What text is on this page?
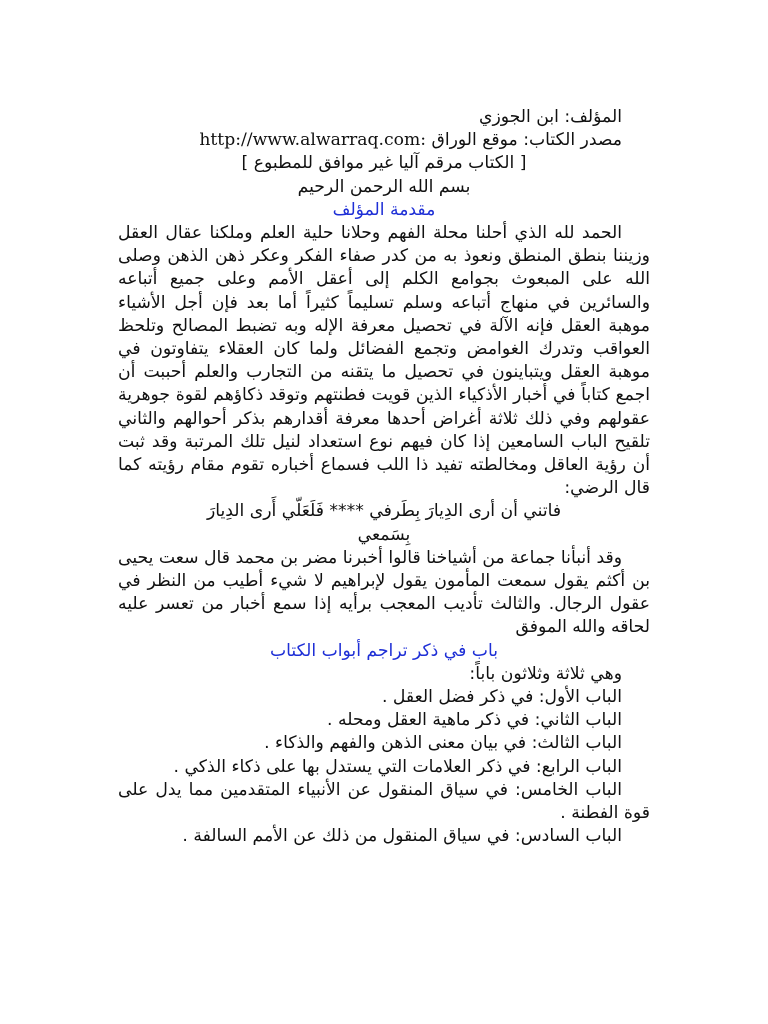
المؤلف: ابن الجوزي
مصدر الكتاب: موقع الوراق http://www.alwarraq.com:
[ الكتاب مرقم آليا غير موافق للمطبوع ]
بسم الله الرحمن الرحيم
مقدمة المؤلف
الحمد لله الذي أحلنا محلة الفهم وحلانا حلية العلم وملكنا عقال العقل وزيننا بنطق المنطق ونعوذ به من كدر صفاء الفكر وعكر ذهن الذهن وصلى الله على المبعوث بجوامع الكلم إلى أعقل الأمم وعلى جميع أتباعه والسائرين في منهاج أتباعه وسلم تسليماً كثيراً أما بعد فإن أجل الأشياء موهبة العقل فإنه الآلة في تحصيل معرفة الإله وبه تضبط المصالح وتلحظ العواقب وتدرك الغوامض وتجمع الفضائل ولما كان العقلاء يتفاوتون في موهبة العقل ويتباينون في تحصيل ما يتقنه من التجارب والعلم أحببت أن اجمع كتاباً في أخبار الأذكياء الذين قويت فطنتهم وتوقد ذكاؤهم لقوة جوهرية عقولهم وفي ذلك ثلاثة أغراض أحدها معرفة أقدارهم بذكر أحوالهم والثاني تلقيح الباب السامعين إذا كان فيهم نوع استعداد لنيل تلك المرتبة وقد ثبت أن رؤية العاقل ومخالطته تفيد ذا اللب فسماع أخباره تقوم مقام رؤيته كما قال الرضي:
فاتني أن أرى الدِيارَ بِطَرفي **** فَلَعَلّي أَرى الدِيارَ
بِسَمعي
وقد أنبأنا جماعة من أشياخنا قالوا أخبرنا مضر بن محمد قال سعت يحيى بن أكثم يقول سمعت المأمون يقول لإبراهيم لا شيء أطيب من النظر في عقول الرجال. والثالث تأديب المعجب برأيه إذا سمع أخبار من تعسر عليه لحاقه والله الموفق
باب في ذكر تراجم أبواب الكتاب
وهي ثلاثة وثلاثون باباً:
الباب الأول: في ذكر فضل العقل .
الباب الثاني: في ذكر ماهية العقل ومحله .
الباب الثالث: في بيان معنى الذهن والفهم والذكاء .
الباب الرابع: في ذكر العلامات التي يستدل بها على ذكاء الذكي .
الباب الخامس: في سياق المنقول عن الأنبياء المتقدمين مما يدل على قوة الفطنة .
الباب السادس: في سياق المنقول من ذلك عن الأمم السالفة .
